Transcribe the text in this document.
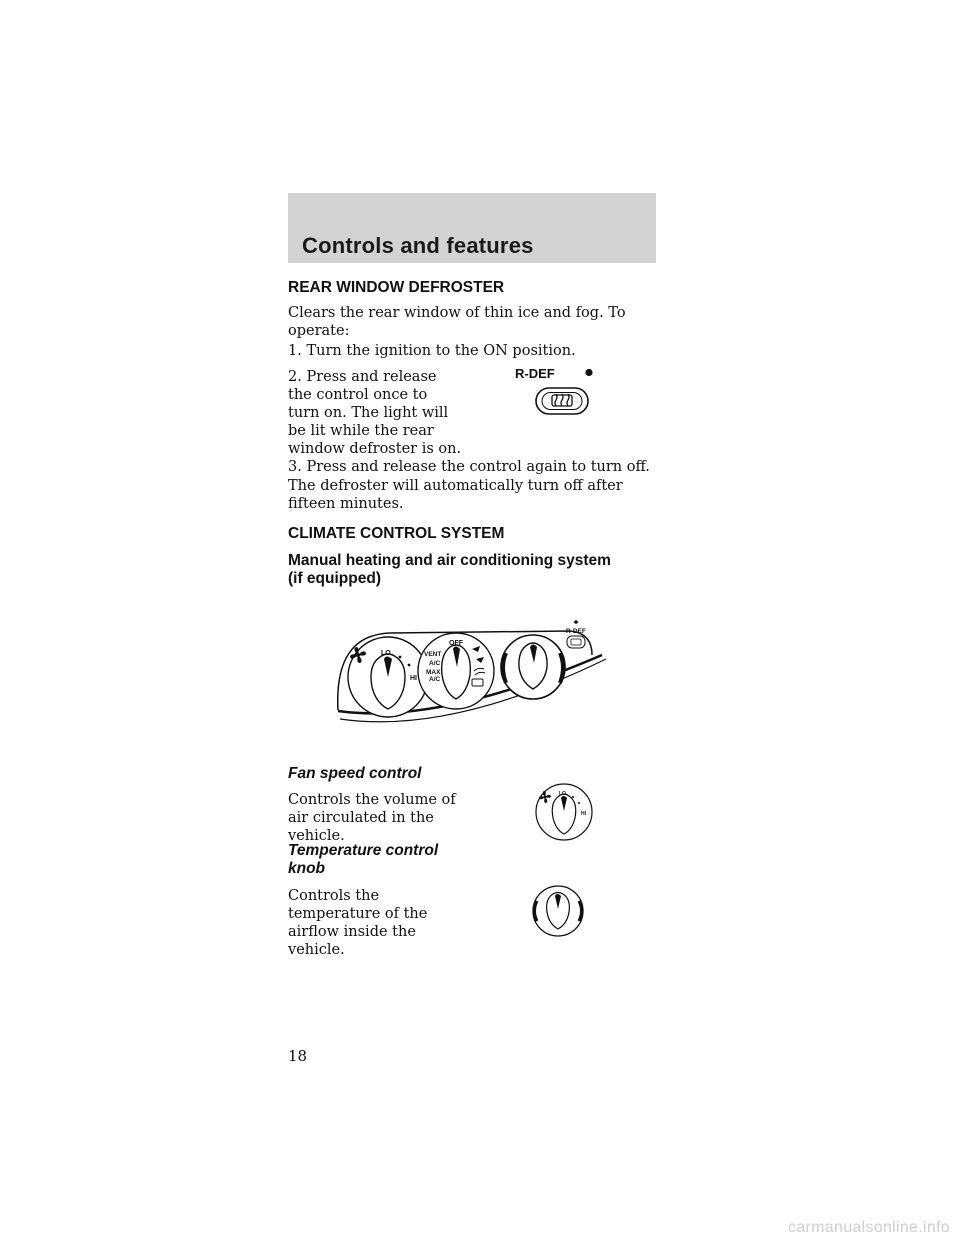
Controls and features
REAR WINDOW DEFROSTER
Clears the rear window of thin ice and fog. To operate:
1. Turn the ignition to the ON position.
2. Press and release
the control once to
turn on. The light will
be lit while the rear
window defroster is on.
R-DEF
3. Press and release the control again to turn off.
The defroster will automatically turn off after fifteen minutes.
CLIMATE CONTROL SYSTEM
Manual heating and air conditioning system
(if equipped)
LO
HI
OFF
VENT
A/C
MAX
A/C
R-DEF
Fan speed control
Controls the volume of
air circulated in the
vehicle.
LO
HI
Temperature control
knob
Controls the
temperature of the
airflow inside the
vehicle.
18
carmanualsonline.info
